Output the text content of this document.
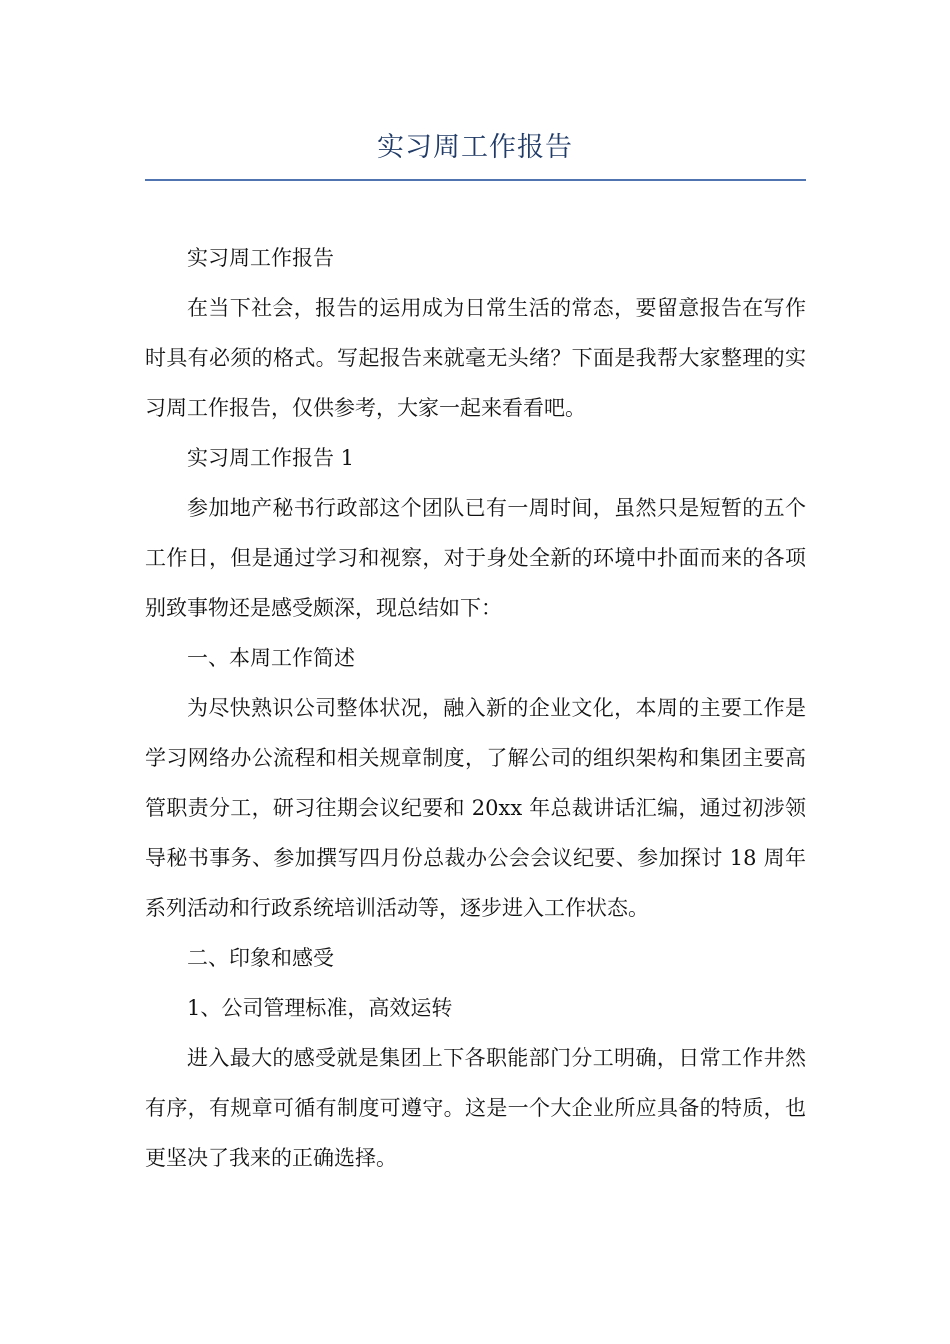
实习周工作报告

实习周工作报告

在当下社会，报告的运用成为日常生活的常态，要留意报告在写作时具有必须的格式。写起报告来就毫无头绪？下面是我帮大家整理的实习周工作报告，仅供参考，大家一起来看看吧。

实习周工作报告 1

参加地产秘书行政部这个团队已有一周时间，虽然只是短暂的五个工作日，但是通过学习和视察，对于身处全新的环境中扑面而来的各项别致事物还是感受颇深，现总结如下：

一、本周工作简述

为尽快熟识公司整体状况，融入新的企业文化，本周的主要工作是学习网络办公流程和相关规章制度，了解公司的组织架构和集团主要高管职责分工，研习往期会议纪要和 20xx 年总裁讲话汇编，通过初涉领导秘书事务、参加撰写四月份总裁办公会会议纪要、参加探讨 18 周年系列活动和行政系统培训活动等，逐步进入工作状态。

二、印象和感受

1、公司管理标准，高效运转

进入最大的感受就是集团上下各职能部门分工明确，日常工作井然有序，有规章可循有制度可遵守。这是一个大企业所应具备的特质，也更坚决了我来的正确选择。
